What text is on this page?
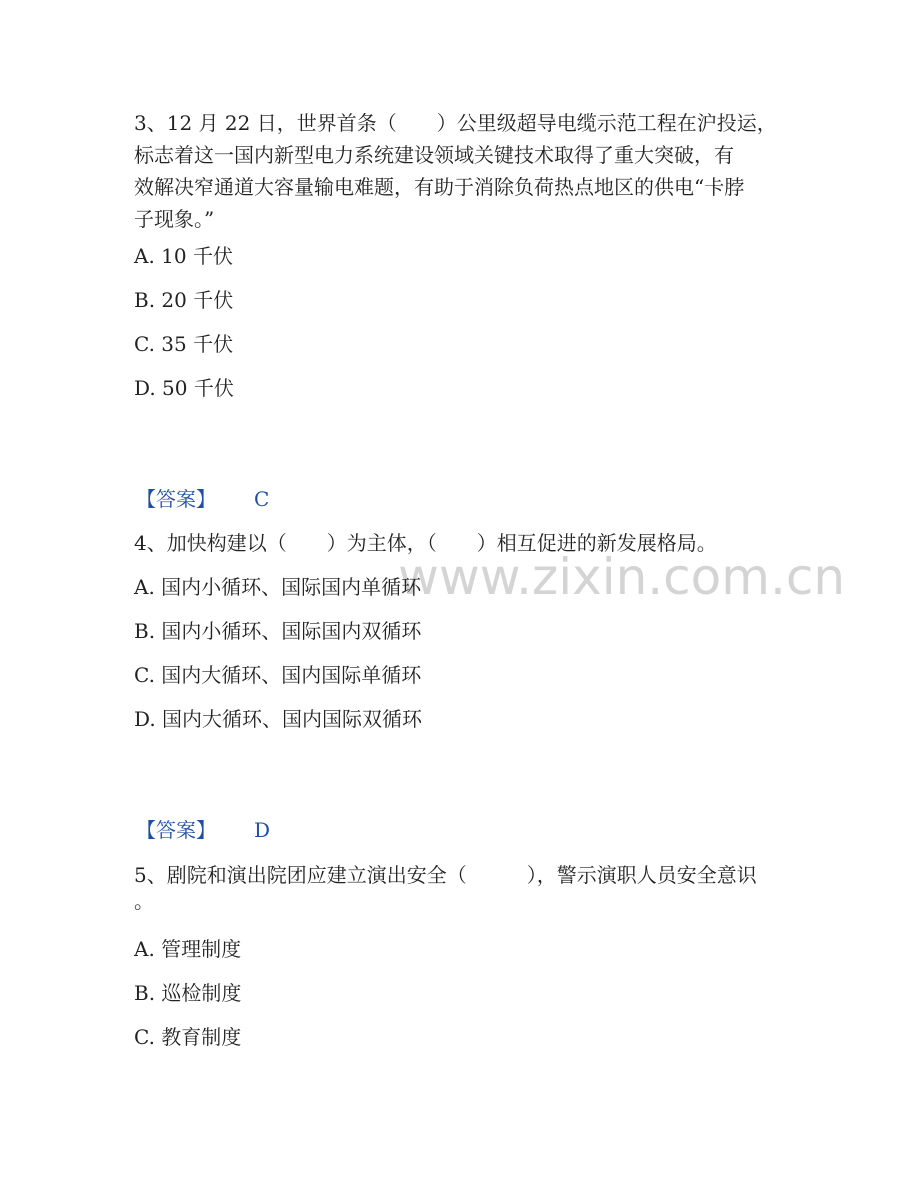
www.zixin.com.cn
3、12 月 22 日，世界首条（　　）公里级超导电缆示范工程在沪投运，
标志着这一国内新型电力系统建设领域关键技术取得了重大突破，有
效解决窄通道大容量输电难题，有助于消除负荷热点地区的供电“卡脖
子现象。”
A. 10 千伏
B. 20 千伏
C. 35 千伏
D. 50 千伏
【答案】 C
4、加快构建以（　　）为主体，（　　）相互促进的新发展格局。
A. 国内小循环、国际国内单循环
B. 国内小循环、国际国内双循环
C. 国内大循环、国内国际单循环
D. 国内大循环、国内国际双循环
【答案】 D
5、剧院和演出院团应建立演出安全（　　　），警示演职人员安全意识
。
A. 管理制度
B. 巡检制度
C. 教育制度
